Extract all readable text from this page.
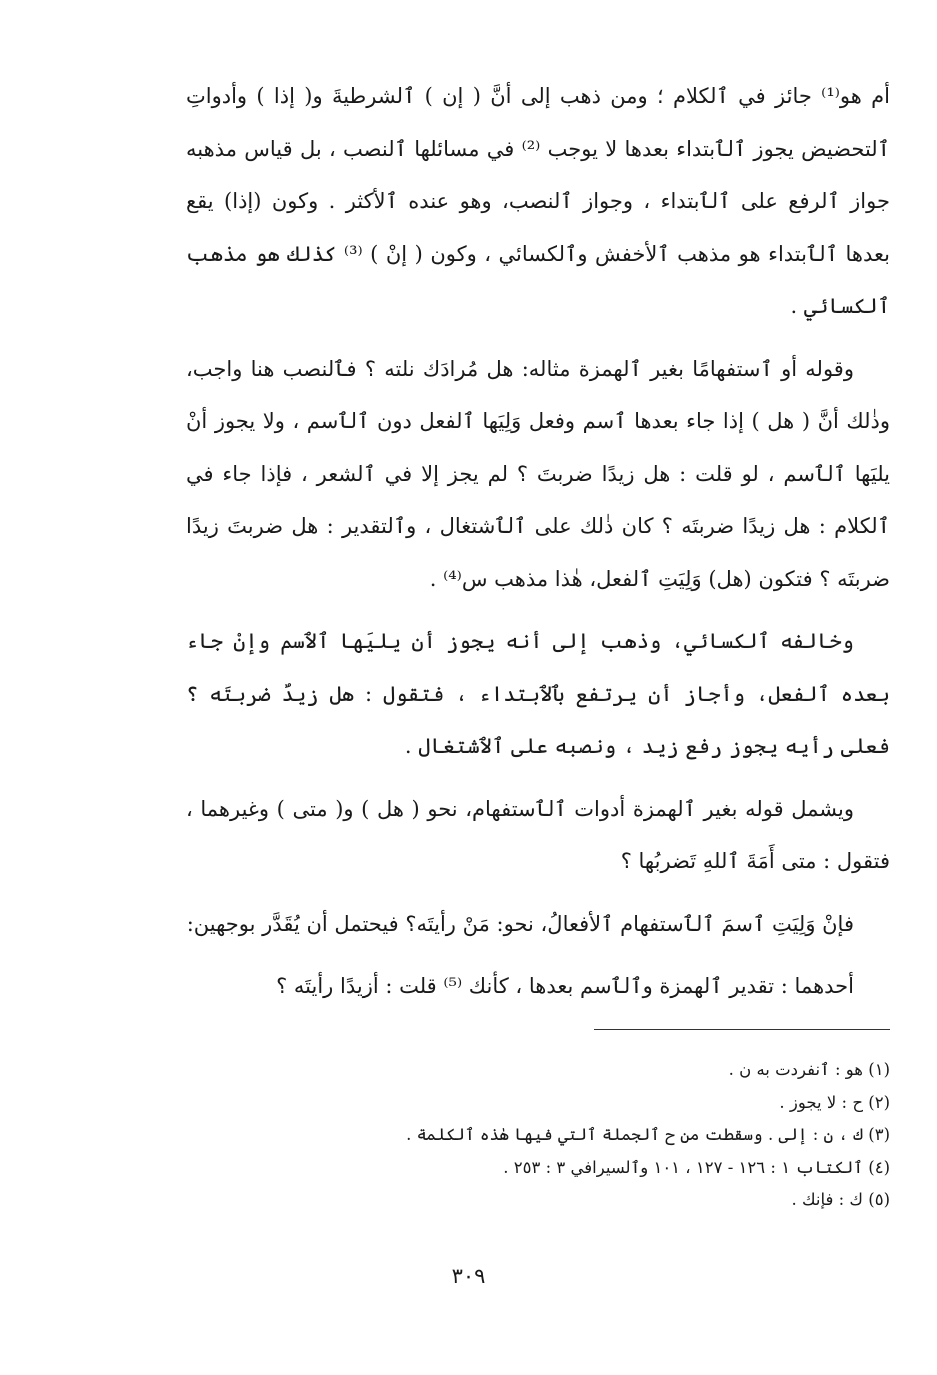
أم هو⁽¹⁾ جائز في ٱلكلام ؛ ومن ذهب إلى أنَّ ( إن ) ٱلشرطيةَ و( إذا ) وأدواتِ ٱلتحضيض يجوز ٱلٱبتداء بعدها لا يوجب ⁽²⁾ في مسائلها ٱلنصب ، بل قياس مذهبه جواز ٱلرفع على ٱلٱبتداء ، وجواز ٱلنصب، وهو عنده ٱلأكثر . وكون (إذا) يقع بعدها ٱلٱبتداء هو مذهب ٱلأخفش وٱلكسائي ، وكون ( إنْ ) ⁽³⁾ كذٰلك هو مذهب ٱلكسائي .

وقوله أو ٱستفهامًا بغير ٱلهمزة مثاله: هل مُرادَك نلته ؟ فٱلنصب هنا واجب، وذٰلك أنَّ ( هل ) إذا جاء بعدها ٱسم وفعل وَلِيَها ٱلفعل دون ٱلٱسم ، ولا يجوز أنْ يليَها ٱلٱسم ، لو قلت : هل زيدًا ضربتَ ؟ لم يجز إلا في ٱلشعر ، فإذا جاء في ٱلكلام : هل زيدًا ضربتَه ؟ كان ذٰلك على ٱلٱشتغال ، وٱلتقدير : هل ضربتَ زيدًا ضربتَه ؟ فتكون (هل) وَلِيَتِ ٱلفعل، هٰذا مذهب س⁽⁴⁾ .

وخالفه ٱلكسائي، وذهب إلى أنه يجوز أن يليَها ٱلٱسم وإنْ جاء بعده ٱلفعل، وأجاز أن يرتفع بٱلٱبتداء ، فتقول : هل زيدٌ ضربتَه ؟ فعلى رأيه يجوز رفع زيد ، ونصبه على ٱلٱشتغال .

ويشمل قوله بغير ٱلهمزة أدوات ٱلٱستفهام، نحو ( هل ) و( متى ) وغيرهما ، فتقول : متى أَمَةَ ٱللهِ تَضربُها ؟

فإنْ وَلِيَتِ ٱسمَ ٱلٱستفهام ٱلأفعالُ، نحو: مَنْ رأيتَه؟ فيحتمل أن يُقَدَّر بوجهين:

أحدهما : تقدير ٱلهمزة وٱلٱسم بعدها ، كأنك ⁽⁵⁾ قلت : أزيدًا رأيتَه ؟

(١) هو : ٱنفردت به ن .
(٢) ح : لا يجوز .
(٣) ك ، ن : إلى . وسقطت من ح ٱلجملة ٱلتي فيها هٰذه ٱلكلمة .
(٤) ٱلكتاب ١ : ١٢٦ - ١٢٧ ، ١٠١ وٱلسيرافي ٣ : ٢٥٣ .
(٥) ك : فإنك .
٣٠٩
